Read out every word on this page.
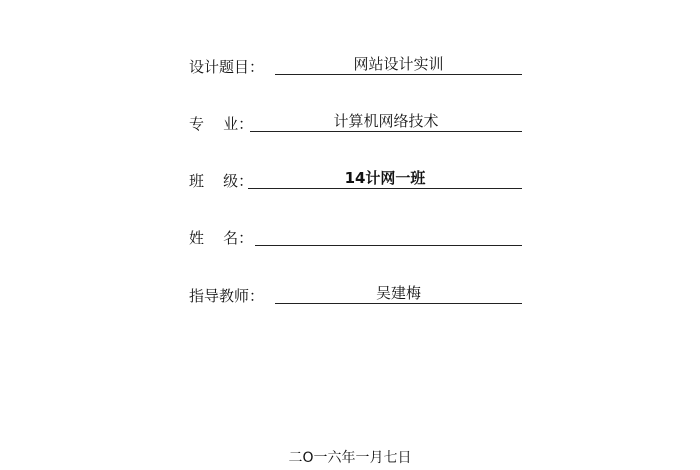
设计题目：	网站设计实训
专    业：	计算机网络技术
班    级：	14计网一班
姓    名：
指导教师：	吴建梅
二O一六年一月七日
